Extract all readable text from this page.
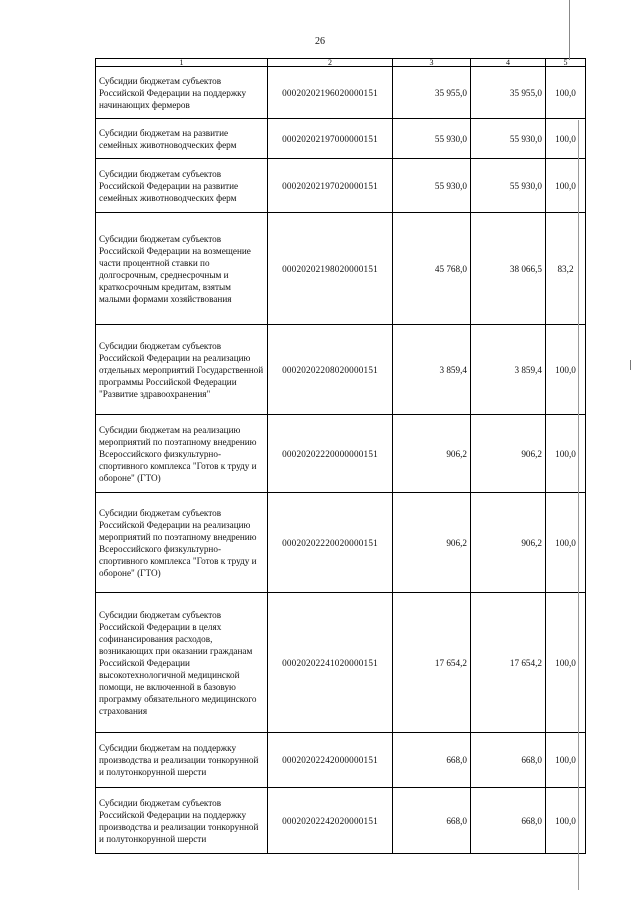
26
1	2	3	4	5
Субсидии бюджетам субъектов Российской Федерации на поддержку начинающих фермеров	00020202196020000151	35 955,0	35 955,0	100,0
Субсидии бюджетам на развитие семейных животноводческих ферм	00020202197000000151	55 930,0	55 930,0	100,0
Субсидии бюджетам субъектов Российской Федерации на развитие семейных животноводческих ферм	00020202197020000151	55 930,0	55 930,0	100,0
Субсидии бюджетам субъектов Российской Федерации на возмещение части процентной ставки по долгосрочным, среднесрочным и краткосрочным кредитам, взятым малыми формами хозяйствования	00020202198020000151	45 768,0	38 066,5	83,2
Субсидии бюджетам субъектов Российской Федерации на реализацию отдельных мероприятий Государственной программы Российской Федерации "Развитие здравоохранения"	00020202208020000151	3 859,4	3 859,4	100,0
Субсидии бюджетам на реализацию мероприятий по поэтапному внедрению Всероссийского физкультурно-спортивного комплекса "Готов к труду и обороне" (ГТО)	00020202220000000151	906,2	906,2	100,0
Субсидии бюджетам субъектов Российской Федерации на реализацию мероприятий по поэтапному внедрению Всероссийского физкультурно-спортивного комплекса "Готов к труду и обороне" (ГТО)	00020202220020000151	906,2	906,2	100,0
Субсидии бюджетам субъектов Российской Федерации в целях софинансирования расходов, возникающих при оказании гражданам Российской Федерации высокотехнологичной медицинской помощи, не включенной в базовую программу обязательного медицинского страхования	00020202241020000151	17 654,2	17 654,2	100,0
Субсидии бюджетам на поддержку производства и реализации тонкорунной и полутонкорунной шерсти	00020202242000000151	668,0	668,0	100,0
Субсидии бюджетам субъектов Российской Федерации на поддержку производства и реализации тонкорунной и полутонкорунной шерсти	00020202242020000151	668,0	668,0	100,0
